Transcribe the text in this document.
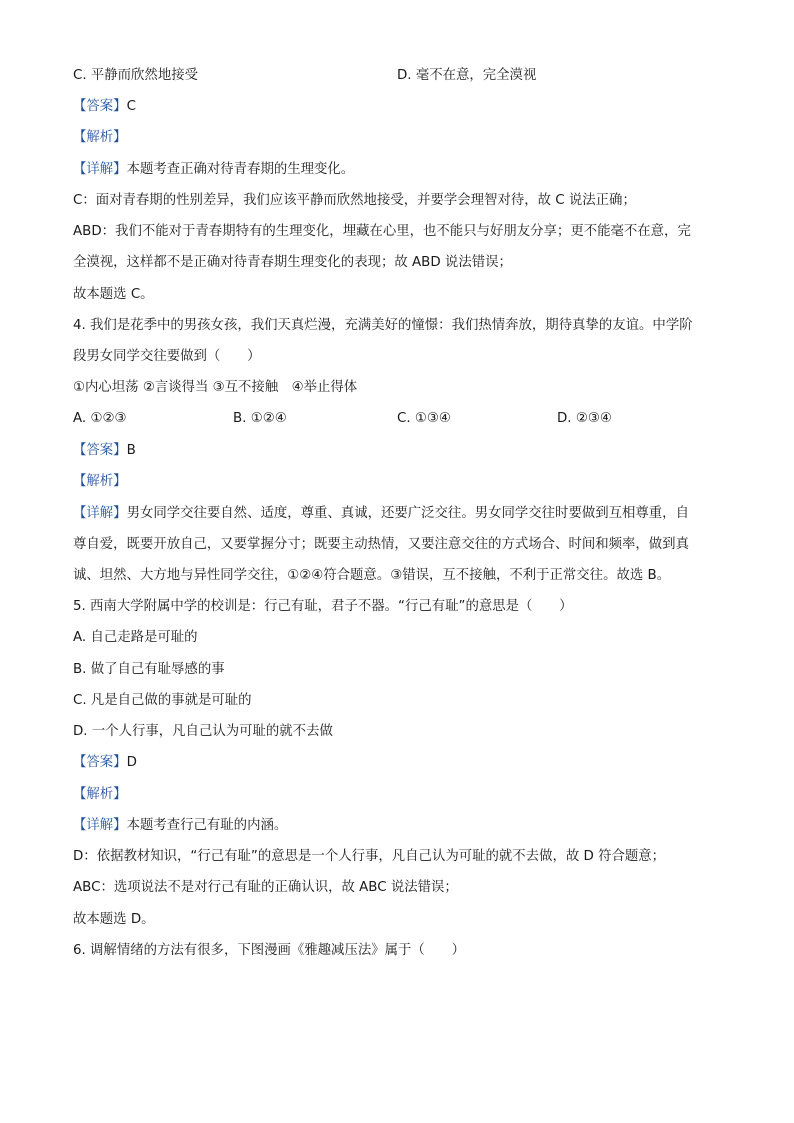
C. 平静而欣然地接受	D. 毫不在意，完全漠视
【答案】C
【解析】
【详解】本题考查正确对待青春期的生理变化。
C：面对青春期的性别差异，我们应该平静而欣然地接受，并要学会理智对待，故 C 说法正确；
ABD：我们不能对于青春期特有的生理变化，埋藏在心里，也不能只与好朋友分享；更不能毫不在意，完
全漠视，这样都不是正确对待青春期生理变化的表现；故 ABD 说法错误；
故本题选 C。
4. 我们是花季中的男孩女孩，我们天真烂漫，充满美好的憧憬：我们热情奔放，期待真挚的友谊。中学阶
段男女同学交往要做到（　　）
①内心坦荡 ②言谈得当 ③互不接触　④举止得体
A. ①②③	B. ①②④	C. ①③④	D. ②③④
【答案】B
【解析】
【详解】男女同学交往要自然、适度，尊重、真诚，还要广泛交往。男女同学交往时要做到互相尊重，自
尊自爱，既要开放自己，又要掌握分寸；既要主动热情，又要注意交往的方式场合、时间和频率，做到真
诚、坦然、大方地与异性同学交往，①②④符合题意。③错误，互不接触，不利于正常交往。故选 B。
5. 西南大学附属中学的校训是：行己有耻，君子不器。“行己有耻”的意思是（　　）
A. 自己走路是可耻的
B. 做了自己有耻辱感的事
C. 凡是自己做的事就是可耻的
D. 一个人行事，凡自己认为可耻的就不去做
【答案】D
【解析】
【详解】本题考查行己有耻的内涵。
D：依据教材知识，“行己有耻”的意思是一个人行事，凡自己认为可耻的就不去做，故 D 符合题意；
ABC：选项说法不是对行己有耻的正确认识，故 ABC 说法错误；
故本题选 D。
6. 调解情绪的方法有很多，下图漫画《雅趣减压法》属于（　　）
